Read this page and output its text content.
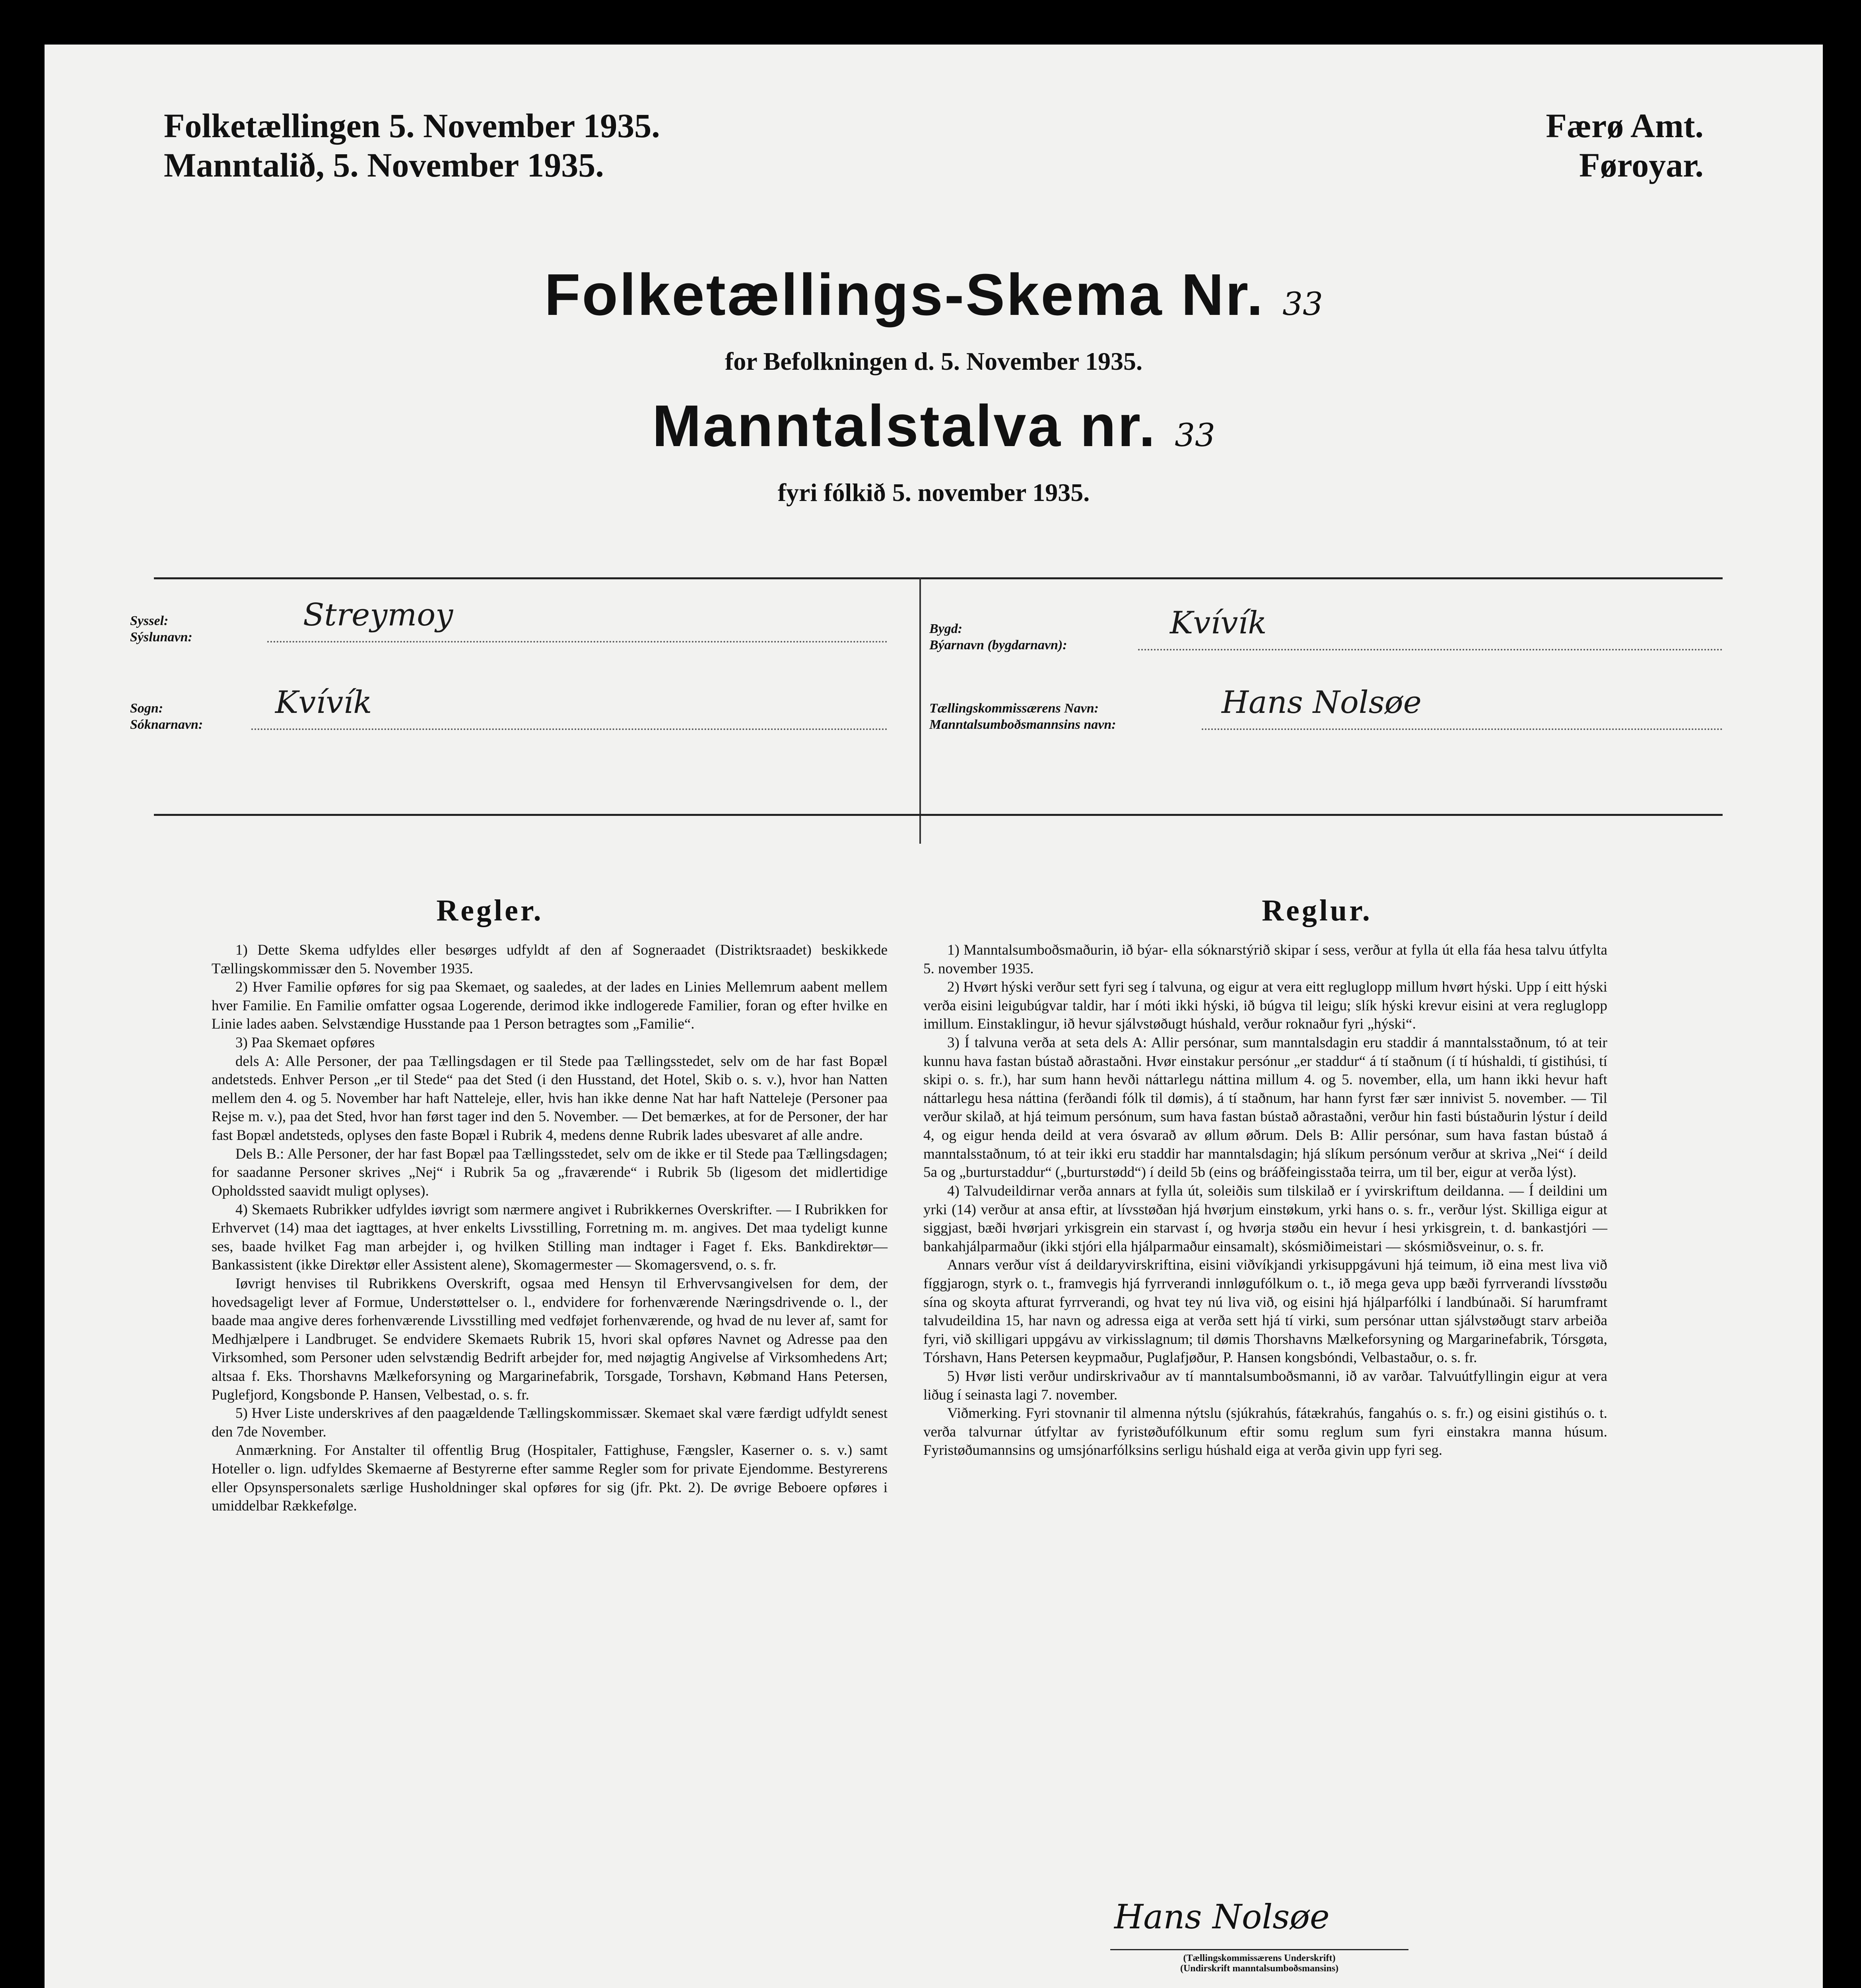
Folketællingen 5. November 1935.
Manntalið, 5. November 1935.
Færø Amt.
Føroyar.
Folketællings-Skema Nr. 33
for Befolkningen d. 5. November 1935.
Manntalstalva nr. 33
fyri fólkið 5. november 1935.
Syssel:
Sýslunavn:
Streymoy
Sogn:
Sóknarnavn:
Kvívík
Bygd:
Býarnavn (bygdarnavn):
Kvívík
Tællingskommissærens Navn:
Manntalsumboðsmannsins navn:
Hans Nolsøe
Regler.

1) Dette Skema udfyldes eller besørges udfyldt af den af Sogneraadet (Distriktsraadet) beskikkede Tællingskommissær den 5. November 1935.

2) Hver Familie opføres for sig paa Skemaet, og saaledes, at der lades en Linies Mellemrum aabent mellem hver Familie. En Familie omfatter ogsaa Logerende, derimod ikke indlogerede Familier, foran og efter hvilke en Linie lades aaben. Selvstændige Husstande paa 1 Person betragtes som „Familie“.

3) Paa Skemaet opføres

dels A: Alle Personer, der paa Tællingsdagen er til Stede paa Tællingsstedet, selv om de har fast Bopæl andetsteds. Enhver Person „er til Stede“ paa det Sted (i den Husstand, det Hotel, Skib o. s. v.), hvor han Natten mellem den 4. og 5. November har haft Natteleje, eller, hvis han ikke denne Nat har haft Natteleje (Personer paa Rejse m. v.), paa det Sted, hvor han først tager ind den 5. November. — Det bemærkes, at for de Personer, der har fast Bopæl andetsteds, oplyses den faste Bopæl i Rubrik 4, medens denne Rubrik lades ubesvaret af alle andre.

Dels B.: Alle Personer, der har fast Bopæl paa Tællingsstedet, selv om de ikke er til Stede paa Tællingsdagen; for saadanne Personer skrives „Nej“ i Rubrik 5a og „fraværende“ i Rubrik 5b (ligesom det midlertidige Opholdssted saavidt muligt oplyses).

4) Skemaets Rubrikker udfyldes iøvrigt som nærmere angivet i Rubrikkernes Overskrifter. — I Rubrikken for Erhvervet (14) maa det iagttages, at hver enkelts Livsstilling, Forretning m. m. angives. Det maa tydeligt kunne ses, baade hvilket Fag man arbejder i, og hvilken Stilling man indtager i Faget f. Eks. Bankdirektør—Bankassistent (ikke Direktør eller Assistent alene), Skomagermester — Skomagersvend, o. s. fr.

Iøvrigt henvises til Rubrikkens Overskrift, ogsaa med Hensyn til Erhvervsangivelsen for dem, der hovedsageligt lever af Formue, Understøttelser o. l., endvidere for forhenværende Næringsdrivende o. l., der baade maa angive deres forhenværende Livsstilling med vedføjet forhenværende, og hvad de nu lever af, samt for Medhjælpere i Landbruget. Se endvidere Skemaets Rubrik 15, hvori skal opføres Navnet og Adresse paa den Virksomhed, som Personer uden selvstændig Bedrift arbejder for, med nøjagtig Angivelse af Virksomhedens Art; altsaa f. Eks. Thorshavns Mælkeforsyning og Margarinefabrik, Torsgade, Torshavn, Købmand Hans Petersen, Puglefjord, Kongsbonde P. Hansen, Velbestad, o. s. fr.

5) Hver Liste underskrives af den paagældende Tællingskommissær. Skemaet skal være færdigt udfyldt senest den 7de November.

Anmærkning. For Anstalter til offentlig Brug (Hospitaler, Fattighuse, Fængsler, Kaserner o. s. v.) samt Hoteller o. lign. udfyldes Skemaerne af Bestyrerne efter samme Regler som for private Ejendomme. Bestyrerens eller Opsynspersonalets særlige Husholdninger skal opføres for sig (jfr. Pkt. 2). De øvrige Beboere opføres i umiddelbar Rækkefølge.

Reglur.

1) Manntalsumboðsmaðurin, ið býar- ella sóknarstýrið skipar í sess, verður at fylla út ella fáa hesa talvu útfylta 5. november 1935.

2) Hvørt hýski verður sett fyri seg í talvuna, og eigur at vera eitt regluglopp millum hvørt hýski. Upp í eitt hýski verða eisini leigubúgvar taldir, har í móti ikki hýski, ið búgva til leigu; slík hýski krevur eisini at vera regluglopp imillum. Einstaklingur, ið hevur sjálvstøðugt húshald, verður roknaður fyri „hýski“.

3) Í talvuna verða at seta dels A: Allir persónar, sum manntalsdagin eru staddir á manntalsstaðnum, tó at teir kunnu hava fastan bústað aðrastaðni. Hvør einstakur persónur „er staddur“ á tí staðnum (í tí húshaldi, tí gistihúsi, tí skipi o. s. fr.), har sum hann hevði náttarlegu náttina millum 4. og 5. november, ella, um hann ikki hevur haft náttarlegu hesa náttina (ferðandi fólk til dømis), á tí staðnum, har hann fyrst fær sær innivist 5. november. — Til verður skilað, at hjá teimum persónum, sum hava fastan bústað aðrastaðni, verður hin fasti bústaðurin lýstur í deild 4, og eigur henda deild at vera ósvarað av øllum øðrum. Dels B: Allir persónar, sum hava fastan bústað á manntalsstaðnum, tó at teir ikki eru staddir har manntalsdagin; hjá slíkum persónum verður at skriva „Nei“ í deild 5a og „burturstaddur“ („burturstødd“) í deild 5b (eins og bráðfeingisstaða teirra, um til ber, eigur at verða lýst).

4) Talvudeildirnar verða annars at fylla út, soleiðis sum tilskilað er í yvirskriftum deildanna. — Í deildini um yrki (14) verður at ansa eftir, at lívsstøðan hjá hvørjum einstøkum, yrki hans o. s. fr., verður lýst. Skilliga eigur at siggjast, bæði hvørjari yrkisgrein ein starvast í, og hvørja støðu ein hevur í hesi yrkisgrein, t. d. bankastjóri — bankahjálparmaður (ikki stjóri ella hjálparmaður einsamalt), skósmiðimeistari — skósmiðsveinur, o. s. fr.

Annars verður víst á deildaryvirskriftina, eisini viðvíkjandi yrkisuppgávuni hjá teimum, ið eina mest liva við fíggjarogn, styrk o. t., framvegis hjá fyrrverandi innløgufólkum o. t., ið mega geva upp bæði fyrrverandi lívsstøðu sína og skoyta afturat fyrrverandi, og hvat tey nú liva við, og eisini hjá hjálparfólki í landbúnaði. Sí harumframt talvudeildina 15, har navn og adressa eiga at verða sett hjá tí virki, sum persónar uttan sjálvstøðugt starv arbeiða fyri, við skilligari uppgávu av virkisslagnum; til dømis Thorshavns Mælkeforsyning og Margarinefabrik, Tórsgøta, Tórshavn, Hans Petersen keypmaður, Puglafjøður, P. Hansen kongsbóndi, Velbastaður, o. s. fr.

5) Hvør listi verður undirskrivaður av tí manntalsumboðsmanni, ið av varðar. Talvuútfyllingin eigur at vera liðug í seinasta lagi 7. november.

Viðmerking. Fyri stovnanir til almenna nýtslu (sjúkrahús, fátækrahús, fangahús o. s. fr.) og eisini gistihús o. t. verða talvurnar útfyltar av fyristøðufólkunum eftir somu reglum sum fyri einstakra manna húsum. Fyristøðumannsins og umsjónarfólksins serligu húshald eiga at verða givin upp fyri seg.

Hans Nolsøe
(Tællingskommissærens Underskrift)
(Undirskrift manntalsumboðsmansins)
